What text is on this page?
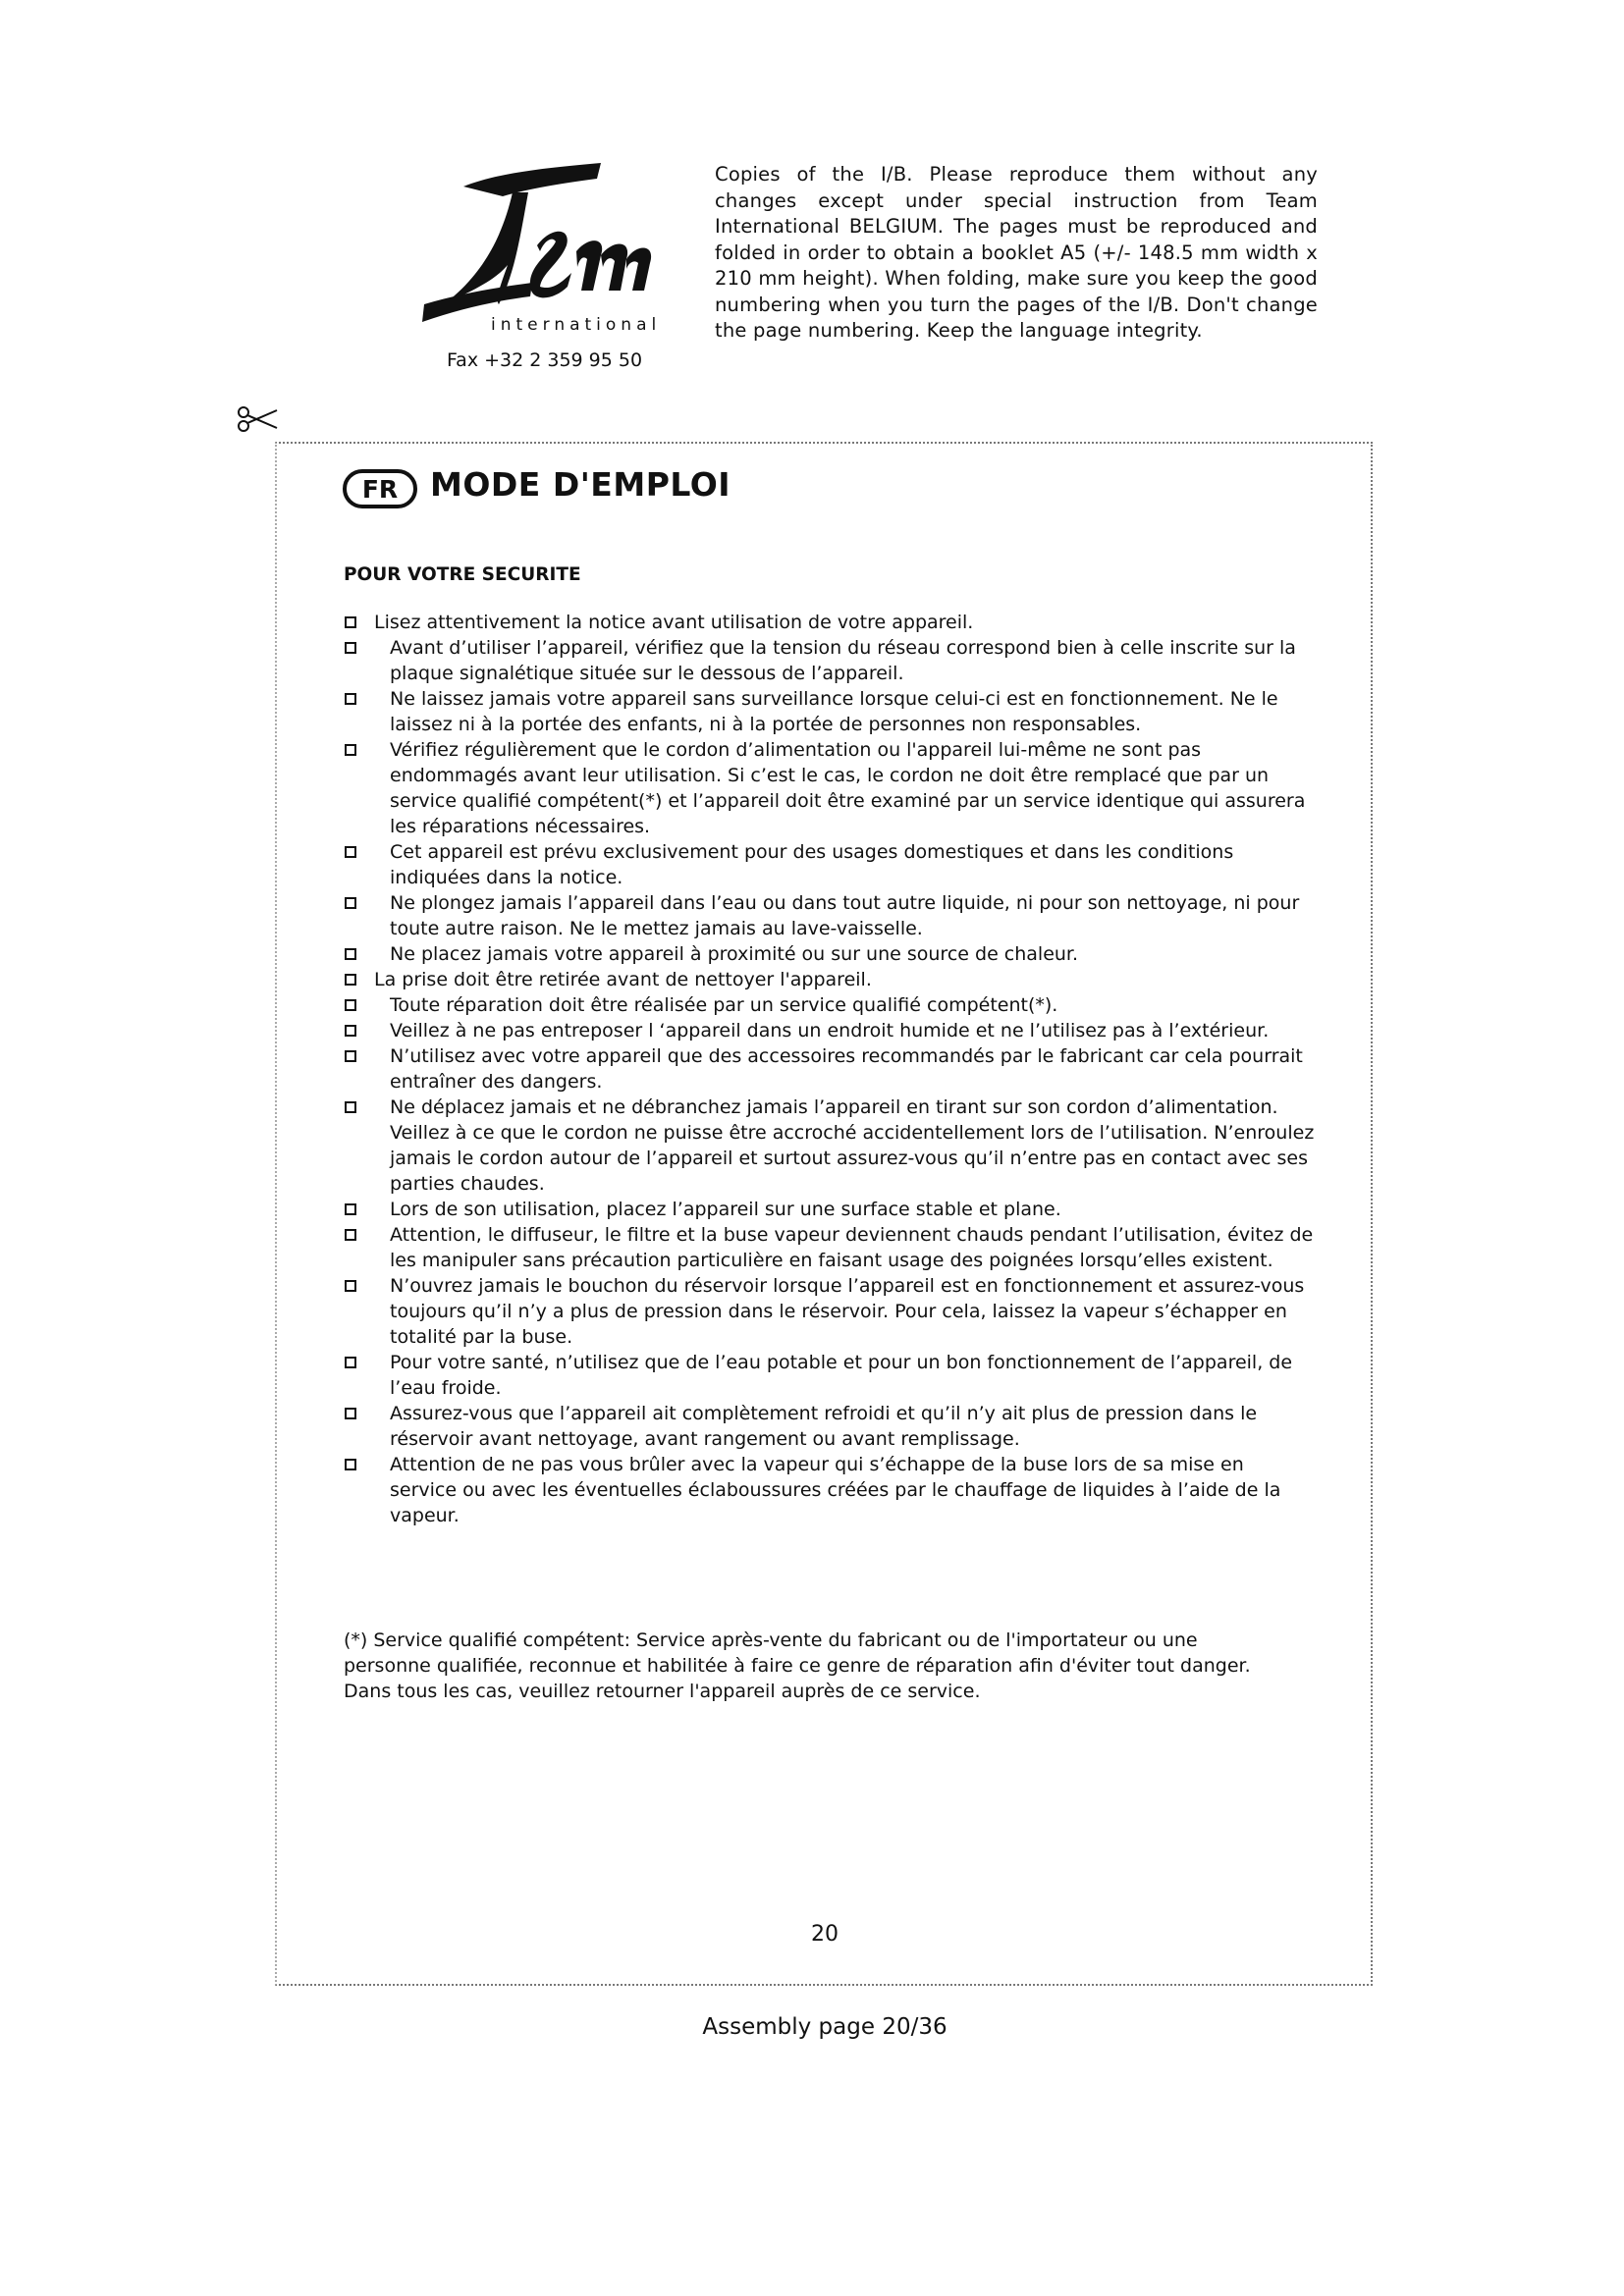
international
Fax +32 2 359 95 50
Copies of the I/B. Please reproduce them without any changes except under special instruction from Team International BELGIUM. The pages must be reproduced and folded in order to obtain a booklet A5 (+/- 148.5 mm width x 210 mm height). When folding, make sure you keep the good numbering when you turn the pages of the I/B. Don't change the page numbering. Keep the language integrity.
FR MODE D'EMPLOI
POUR VOTRE SECURITE
Lisez attentivement la notice avant utilisation de votre appareil.
Avant d’utiliser l’appareil, vérifiez que la tension du réseau correspond bien à celle inscrite sur la plaque signalétique située sur le dessous de l’appareil.
Ne laissez jamais votre appareil sans surveillance lorsque celui-ci est en fonctionnement. Ne le laissez ni à la portée des enfants, ni à la portée de personnes non responsables.
Vérifiez régulièrement que le cordon d’alimentation ou l'appareil lui-même ne sont pas endommagés avant leur utilisation. Si c’est le cas, le cordon ne doit être remplacé que par un service qualifié compétent(*) et l’appareil doit être examiné par un service identique qui assurera les réparations nécessaires.
Cet appareil est prévu exclusivement pour des usages domestiques et dans les conditions indiquées dans la notice.
Ne plongez jamais l’appareil dans l’eau ou dans tout autre liquide, ni pour son nettoyage, ni pour toute autre raison. Ne le mettez jamais au lave-vaisselle.
Ne placez jamais votre appareil à proximité ou sur une source de chaleur.
La prise doit être retirée avant de nettoyer l'appareil.
Toute réparation doit être réalisée par un service qualifié compétent(*).
Veillez à ne pas entreposer l ‘appareil dans un endroit humide et ne l’utilisez pas à l’extérieur.
N’utilisez avec votre appareil que des accessoires recommandés par le fabricant car cela pourrait entraîner des dangers.
Ne déplacez jamais et ne débranchez jamais l’appareil en tirant sur son cordon d’alimentation. Veillez à ce que le cordon ne puisse être accroché accidentellement lors de l’utilisation. N’enroulez jamais le cordon autour de l’appareil et surtout assurez-vous qu’il n’entre pas en contact avec ses parties chaudes.
Lors de son utilisation, placez l’appareil sur une surface stable et plane.
Attention, le diffuseur, le filtre et la buse vapeur deviennent chauds pendant l’utilisation, évitez de les manipuler sans précaution particulière en faisant usage des poignées lorsqu’elles existent.
N’ouvrez jamais le bouchon du réservoir lorsque l’appareil est en fonctionnement et assurez-vous toujours qu’il n’y a plus de pression dans le réservoir. Pour cela, laissez la vapeur s’échapper en totalité par la buse.
Pour votre santé, n’utilisez que de l’eau potable et pour un bon fonctionnement de l’appareil, de l’eau froide.
Assurez-vous que l’appareil ait complètement refroidi et qu’il n’y ait plus de pression dans le réservoir avant nettoyage, avant rangement ou avant remplissage.
Attention de ne pas vous brûler avec la vapeur qui s’échappe de la buse lors de sa mise en service ou avec les éventuelles éclaboussures créées par le chauffage de liquides à l’aide de la vapeur.
(*) Service qualifié compétent: Service après-vente du fabricant ou de l'importateur ou une personne qualifiée, reconnue et habilitée à faire ce genre de réparation afin d'éviter tout danger. Dans tous les cas, veuillez retourner l'appareil auprès de ce service.
20
Assembly page 20/36
